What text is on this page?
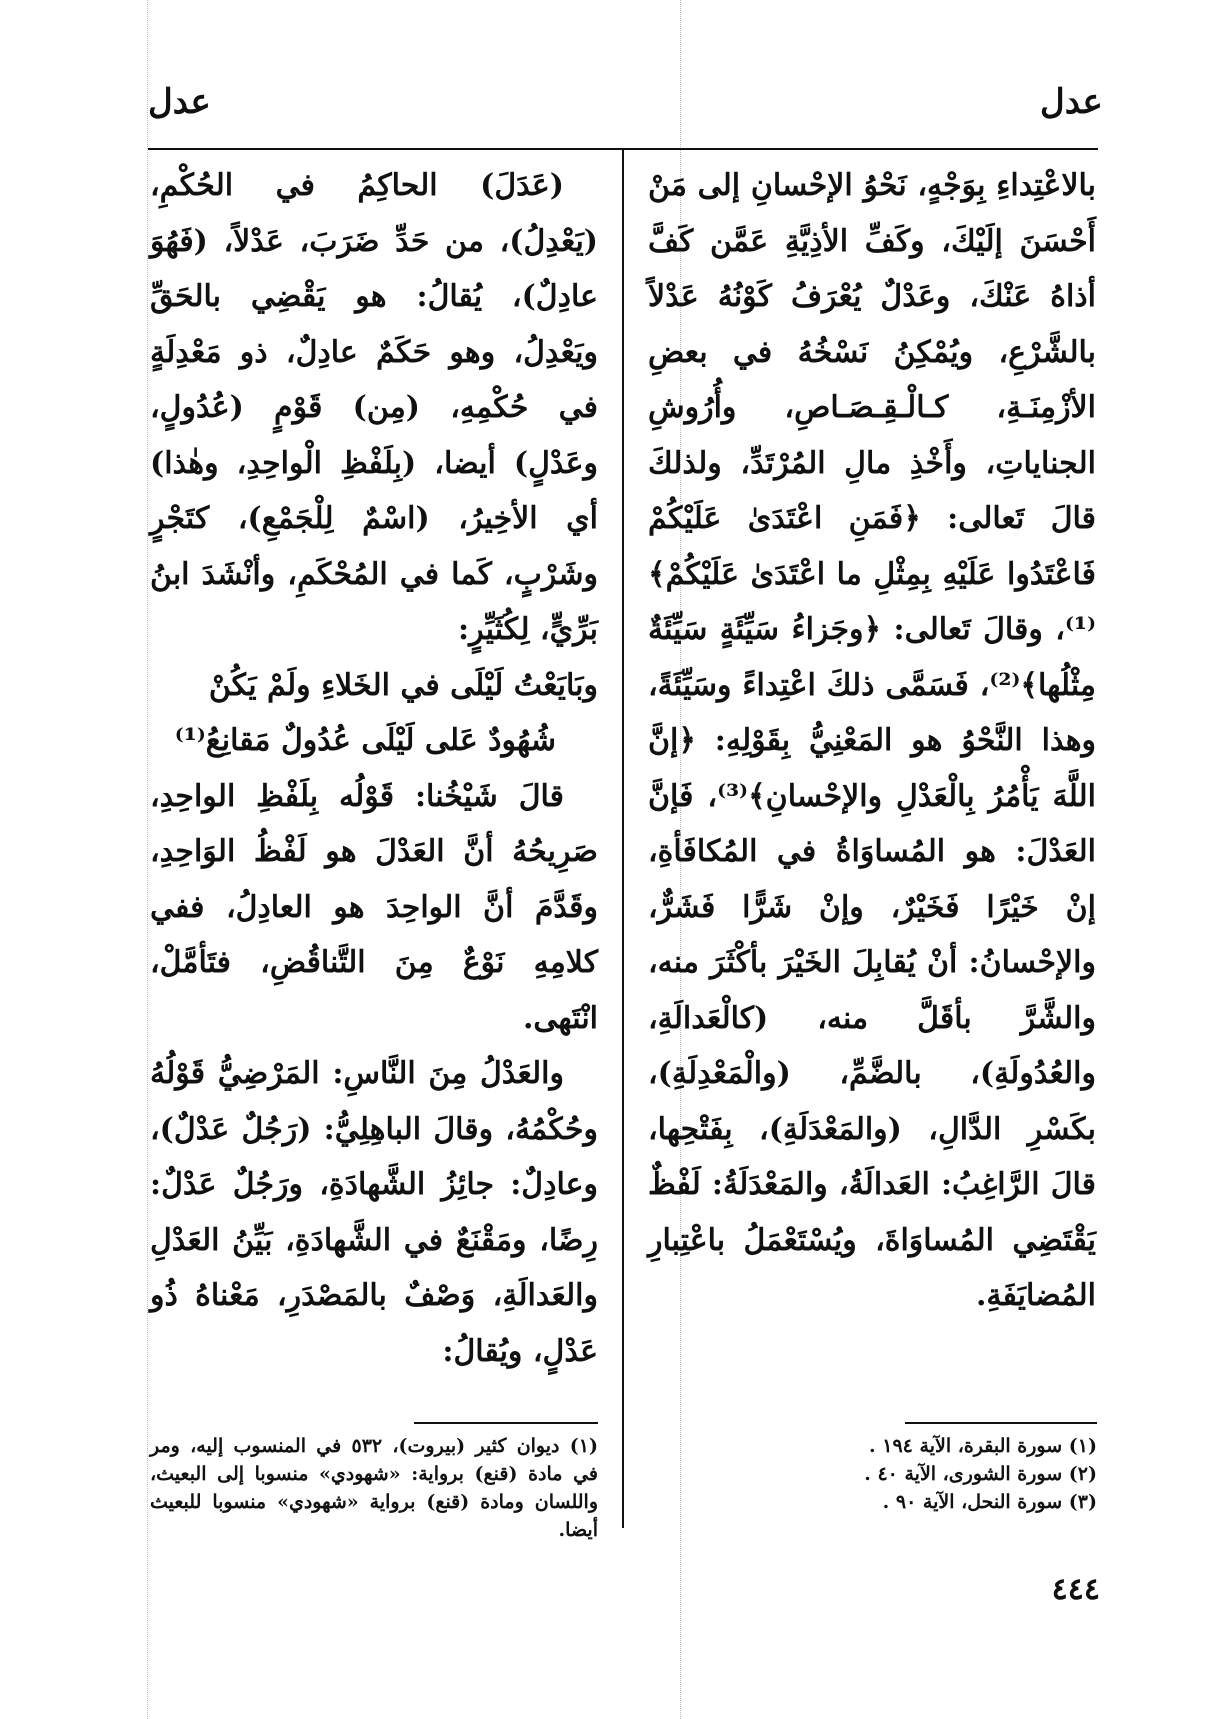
عدل
عدل

بالاعْتِداءِ بِوَجْهٍ، نَحْوُ الإحْسانِ إلى مَنْ أَحْسَنَ إلَيْكَ، وكَفِّ الأذِيَّةِ عَمَّن كَفَّ أذاهُ عَنْكَ، وعَدْلٌ يُعْرَفُ كَوْنُهُ عَدْلاً بالشَّرْعِ، ويُمْكِنُ نَسْخُهُ في بعضِ الأزْمِنَـةِ، كـالْـقِـصَـاصِ، وأُرُوشِ الجناياتِ، وأَخْذِ مالِ المُرْتَدِّ، ولذلكَ قالَ تَعالى: ﴿فَمَنِ اعْتَدَىٰ عَلَيْكُمْ فَاعْتَدُوا عَلَيْهِ بِمِثْلِ ما اعْتَدَىٰ عَلَيْكُمْ﴾⁽¹⁾، وقالَ تَعالى: ﴿وجَزاءُ سَيِّئَةٍ سَيِّئَةٌ مِثْلُها﴾⁽²⁾، فَسَمَّى ذلكَ اعْتِداءً وسَيِّئَةً، وهذا النَّحْوُ هو المَعْنِيُّ بِقَوْلِهِ: ﴿إنَّ اللَّهَ يَأْمُرُ بِالْعَدْلِ والإحْسانِ﴾⁽³⁾، فَإنَّ العَدْلَ: هو المُساوَاةُ في المُكافَأةِ، إنْ خَيْرًا فَخَيْرٌ، وإنْ شَرًّا فَشَرٌّ، والإحْسانُ: أنْ يُقابِلَ الخَيْرَ بأكْثَرَ منه، والشَّرَّ بأقَلَّ منه، (كالْعَدالَةِ، والعُدُولَةِ)، بالضَّمِّ، (والْمَعْدِلَةِ)، بكَسْرِ الدَّالِ، (والمَعْدَلَةِ)، بِفَتْحِها، قالَ الرَّاغِبُ: العَدالَةُ، والمَعْدَلَةُ: لَفْظٌ يَقْتَضِي المُساوَاةَ، ويُسْتَعْمَلُ باعْتِبارِ المُضايَفَةِ.

(عَدَلَ) الحاكِمُ في الحُكْمِ، (يَعْدِلُ)، من حَدِّ ضَرَبَ، عَدْلاً، (فَهُوَ عادِلٌ)، يُقالُ: هو يَقْضِي بالحَقِّ ويَعْدِلُ، وهو حَكَمٌ عادِلٌ، ذو مَعْدِلَةٍ في حُكْمِهِ، (مِن) قَوْمٍ (عُدُولٍ، وعَدْلٍ) أيضا، (بِلَفْظِ الْواحِدِ، وهٰذا) أي الأخِيرُ، (اسْمٌ لِلْجَمْعِ)، كتَجْرٍ وشَرْبٍ، كَما في المُحْكَمِ، وأنْشَدَ ابنُ بَرِّيٍّ، لِكُثَيِّرٍ:

وبَايَعْتُ لَيْلَى في الخَلاءِ ولَمْ يَكُنْ

شُهُودٌ عَلى لَيْلَى عُدُولٌ مَقانِعُ⁽¹⁾

قالَ شَيْخُنا: قَوْلُه بِلَفْظِ الواحِدِ، صَرِيحُهُ أنَّ العَدْلَ هو لَفْظُ الوَاحِدِ، وقَدَّمَ أنَّ الواحِدَ هو العادِلُ، ففي كلامِهِ نَوْعٌ مِنَ التَّناقُضِ، فتَأمَّلْ، انْتَهى.

والعَدْلُ مِنَ النَّاسِ: المَرْضِيُّ قَوْلُهُ وحُكْمُهُ، وقالَ الباهِلِيُّ: (رَجُلٌ عَدْلٌ)، وعادِلٌ: جائِزُ الشَّهادَةِ، ورَجُلٌ عَدْلٌ: رِضًا، ومَقْنَعٌ في الشَّهادَةِ، بَيِّنُ العَدْلِ والعَدالَةِ، وَصْفٌ بالمَصْدَرِ، مَعْناهُ ذُو عَدْلٍ، ويُقالُ:

(١) سورة البقرة، الآية ١٩٤ .

(٢) سورة الشورى، الآية ٤٠ .

(٣) سورة النحل، الآية ٩٠ .

(١) ديوان كثير (بيروت)، ٥٣٢ في المنسوب إليه، ومر في مادة (قنع) برواية: «شهودي» منسوبا إلى البعيث، واللسان ومادة (قنع) برواية «شهودي» منسوبا للبعيث أيضا.

٤٤٤
